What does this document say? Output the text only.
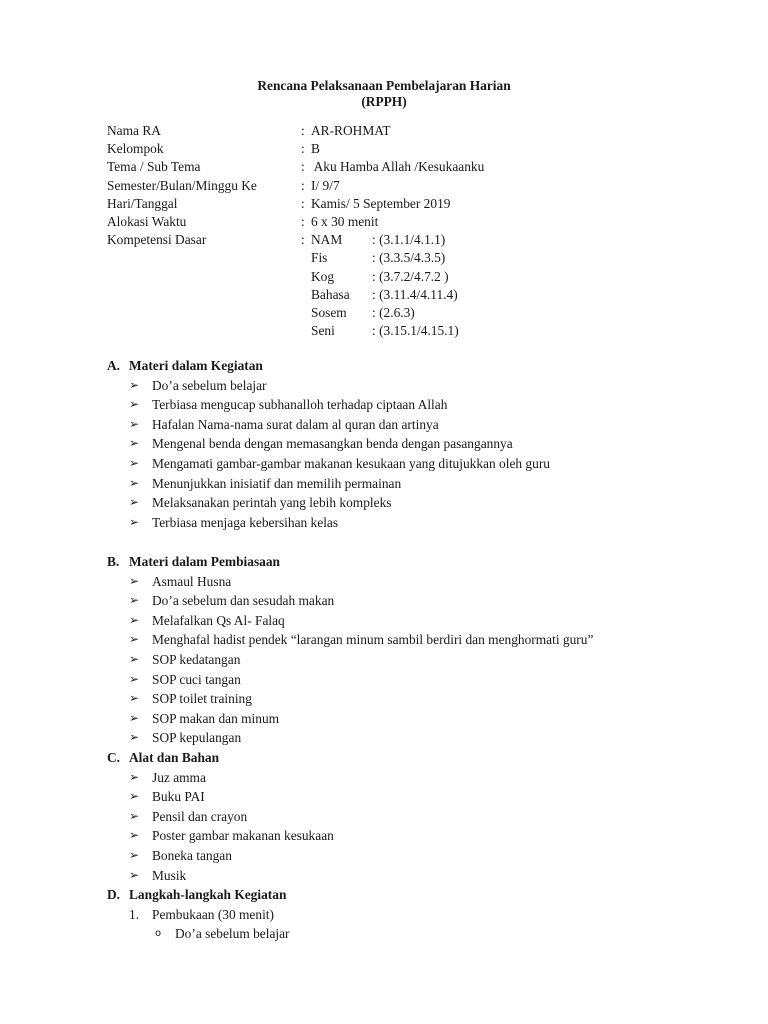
Rencana Pelaksanaan Pembelajaran Harian
(RPPH)
Nama RA	: AR-ROHMAT
Kelompok	: B
Tema / Sub Tema	: Aku Hamba Allah /Kesukaanku
Semester/Bulan/Minggu Ke	: I/ 9/7
Hari/Tanggal	: Kamis/ 5 September 2019
Alokasi Waktu	: 6 x 30 menit
Kompetensi Dasar	: NAM	: (3.1.1/4.1.1)
Fis	: (3.3.5/4.3.5)
Kog	: (3.7.2/4.7.2 )
Bahasa	: (3.11.4/4.11.4)
Sosem	: (2.6.3)
Seni	: (3.15.1/4.15.1)
A. Materi dalam Kegiatan
➢ Do’a sebelum belajar
➢ Terbiasa mengucap subhanalloh terhadap ciptaan Allah
➢ Hafalan Nama-nama surat dalam al quran dan artinya
➢ Mengenal benda dengan memasangkan benda dengan pasangannya
➢ Mengamati gambar-gambar makanan kesukaan yang ditujukkan oleh guru
➢ Menunjukkan inisiatif dan memilih permainan
➢ Melaksanakan perintah yang lebih kompleks
➢ Terbiasa menjaga kebersihan kelas
B. Materi dalam Pembiasaan
➢ Asmaul Husna
➢ Do’a sebelum dan sesudah makan
➢ Melafalkan Qs Al- Falaq
➢ Menghafal hadist pendek “larangan minum sambil berdiri dan menghormati guru”
➢ SOP kedatangan
➢ SOP cuci tangan
➢ SOP toilet training
➢ SOP makan dan minum
➢ SOP kepulangan
C. Alat dan Bahan
➢ Juz amma
➢ Buku PAI
➢ Pensil dan crayon
➢ Poster gambar makanan kesukaan
➢ Boneka tangan
➢ Musik
D. Langkah-langkah Kegiatan
1. Pembukaan (30 menit)
o	Do’a sebelum belajar
